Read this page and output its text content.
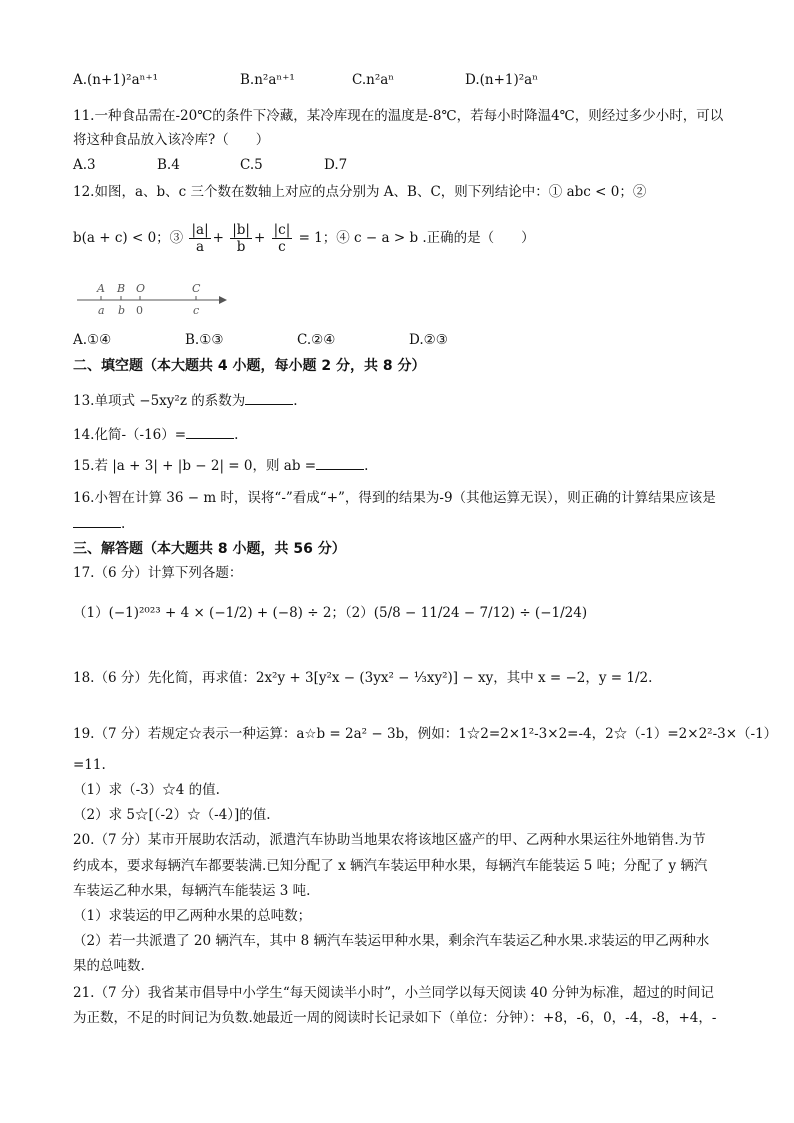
A.(n+1)²aⁿ⁺¹	B.n²aⁿ⁺¹	C.n²aⁿ	D.(n+1)²aⁿ
11.一种食品需在-20℃的条件下冷藏，某冷库现在的温度是-8℃，若每小时降温4℃，则经过多少小时，可以
将这种食品放入该冷库?（　　）
A.3	B.4	C.5	D.7
12.如图，a、b、c 三个数在数轴上对应的点分别为 A、B、C，则下列结论中：① abc < 0；②
b(a + c) < 0；③ $\frac{|a|}{a} + \frac{|b|}{b} + \frac{|c|}{c} = 1$；④ c − a > b .正确的是（　　）
A B O	C
a b 0	c
A.①④	B.①③	C.②④	D.②③
二、填空题（本大题共 4 小题，每小题 2 分，共 8 分）
13.单项式 −5xy²z 的系数为	.
14.化简-（-16）=	.
15.若 |a + 3| + |b − 2| = 0，则 ab =	.
16.小智在计算 36 − m 时，误将“-”看成“+”，得到的结果为-9（其他运算无误），则正确的计算结果应该是
.
三、解答题（本大题共 8 小题，共 56 分）
17.（6 分）计算下列各题：
（1）(−1)²⁰²³ + 4 × (−1/2) + (−8) ÷ 2；（2）(5/8 − 11/24 − 7/12) ÷ (−1/24)
18.（6 分）先化简，再求值：2x²y + 3[y²x − (3yx² − ⅓xy²)] − xy，其中 x = −2，y = 1/2.
19.（7 分）若规定☆表示一种运算：a☆b = 2a² − 3b，例如：1☆2=2×1²-3×2=-4，2☆（-1）=2×2²-3×（-1）
=11.
（1）求（-3）☆4 的值.
（2）求 5☆[（-2）☆（-4）]的值.
20.（7 分）某市开展助农活动，派遣汽车协助当地果农将该地区盛产的甲、乙两种水果运往外地销售.为节
约成本，要求每辆汽车都要装满.已知分配了 x 辆汽车装运甲种水果，每辆汽车能装运 5 吨；分配了 y 辆汽
车装运乙种水果，每辆汽车能装运 3 吨.
（1）求装运的甲乙两种水果的总吨数；
（2）若一共派遣了 20 辆汽车，其中 8 辆汽车装运甲种水果，剩余汽车装运乙种水果.求装运的甲乙两种水
果的总吨数.
21.（7 分）我省某市倡导中小学生“每天阅读半小时”，小兰同学以每天阅读 40 分钟为标准，超过的时间记
为正数，不足的时间记为负数.她最近一周的阅读时长记录如下（单位：分钟）：+8，-6，0，-4，-8，+4，-
